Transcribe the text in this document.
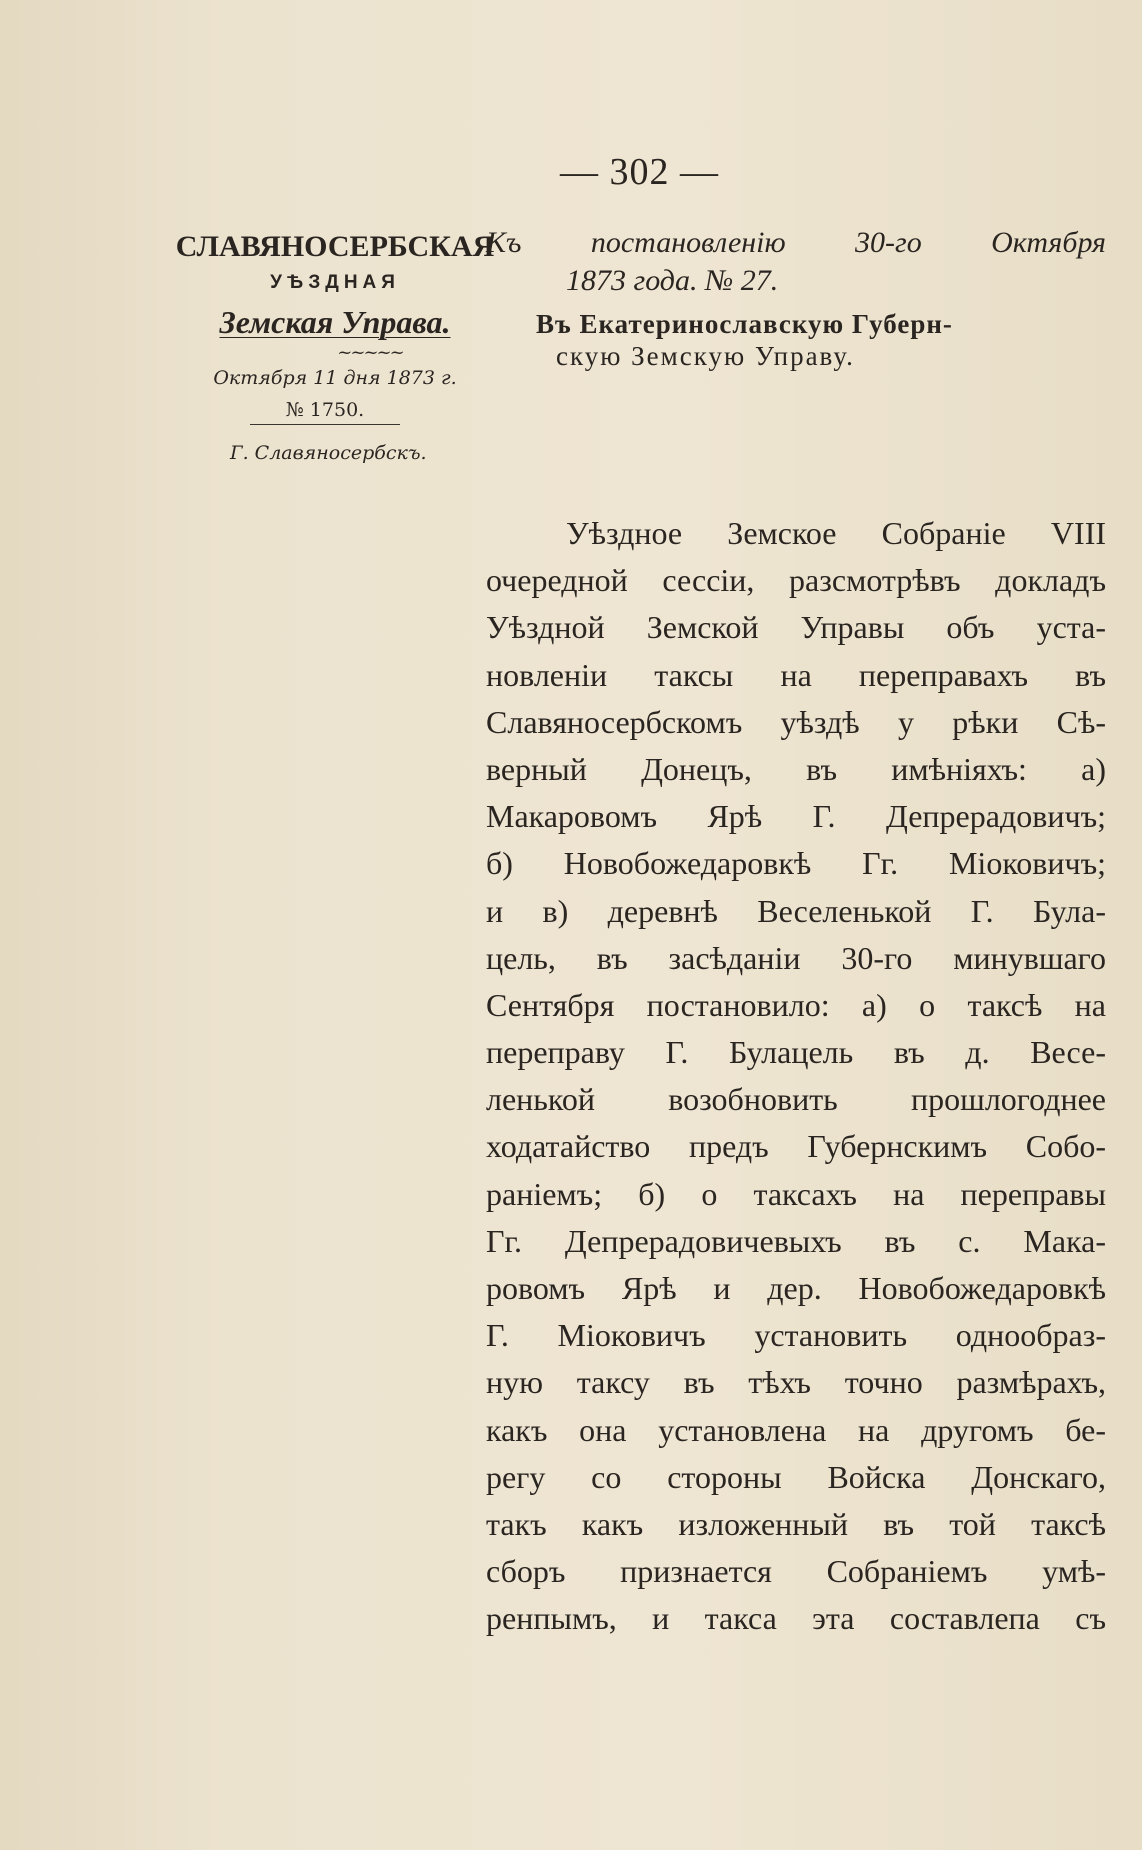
— 302 —
СЛАВЯНОСЕРБСКАЯ
УѢЗДНАЯ
Земская Управа.
~~~~~
Октября 11 дня 1873 г.
№ 1750.
Г. Славяносербскъ.
Къ постановленію 30-го Октября
1873 года. № 27.
Въ Екатеринославскую Губерн-
скую Земскую Управу.
Уѣздное Земское Собраніе VIII
очередной сессіи, разсмотрѣвъ докладъ
Уѣздной Земской Управы объ уста-
новленіи таксы на переправахъ въ
Славяносербскомъ уѣздѣ у рѣки Сѣ-
верный Донецъ, въ имѣніяхъ: а)
Макаровомъ Ярѣ Г. Депрерадовичъ;
б) Новобожедаровкѣ Гг. Міоковичъ;
и в) деревнѣ Веселенькой Г. Була-
цель, въ засѣданіи 30-го минувшаго
Сентября постановило: а) о таксѣ на
переправу Г. Булацель въ д. Весе-
ленькой возобновить прошлогоднее
ходатайство предъ Губернскимъ Собо-
раніемъ; б) о таксахъ на переправы
Гг. Депрерадовичевыхъ въ с. Мака-
ровомъ Ярѣ и дер. Новобожедаровкѣ
Г. Міоковичъ установить однообраз-
ную таксу въ тѣхъ точно размѣрахъ,
какъ она установлена на другомъ бе-
регу со стороны Войска Донскаго,
такъ какъ изложенный въ той таксѣ
сборъ признается Собраніемъ умѣ-
ренпымъ, и такса эта составлепа съ
